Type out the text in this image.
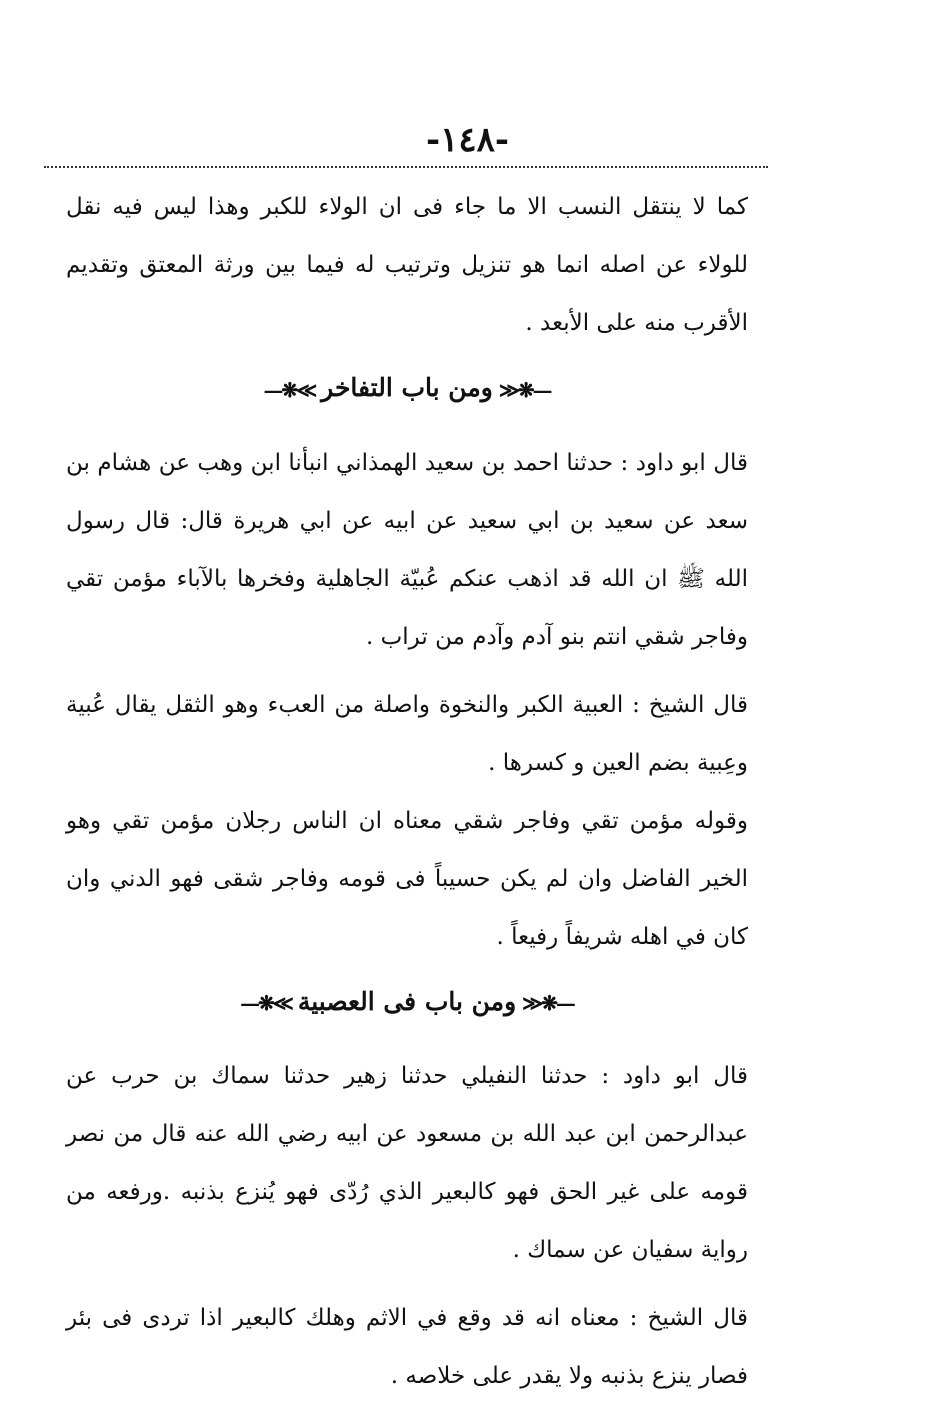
-١٤٨-

كما لا ينتقل النسب الا ما جاء فى ان الولاء للكبر وهذا ليس فيه نقل للولاء عن اصله انما هو تنزيل وترتيب له فيما بين ورثة المعتق وتقديم الأقرب منه على الأبعد .

—❋≪ومن باب التفاخر≫❋—

قال ابو داود : حدثنا احمد بن سعيد الهمذاني انبأنا ابن وهب عن هشام بن سعد عن سعيد بن ابي سعيد عن ابيه عن ابي هريرة قال: قال رسول الله ﷺ ان الله قد اذهب عنكم عُبيّة الجاهلية وفخرها بالآباء مؤمن تقي وفاجر شقي انتم بنو آدم وآدم من تراب .

قال الشيخ : العبية الكبر والنخوة واصلة من العبء وهو الثقل يقال عُبية وعِبية بضم العين و كسرها .

وقوله مؤمن تقي وفاجر شقي معناه ان الناس رجلان مؤمن تقي وهو الخير الفاضل وان لم يكن حسيباً فى قومه وفاجر شقى فهو الدني وان كان في اهله شريفاً رفيعاً .

—❋≪ومن باب فى العصبية≫❋—

قال ابو داود : حدثنا النفيلي حدثنا زهير حدثنا سماك بن حرب عن عبدالرحمن ابن عبد الله بن مسعود عن ابيه رضي الله عنه قال من نصر قومه على غير الحق فهو كالبعير الذي رُدّى فهو يُنزع بذنبه .ورفعه من رواية سفيان عن سماك .

قال الشيخ : معناه انه قد وقع في الاثم وهلك كالبعير اذا تردى فى بئر فصار ينزع بذنبه ولا يقدر على خلاصه .
